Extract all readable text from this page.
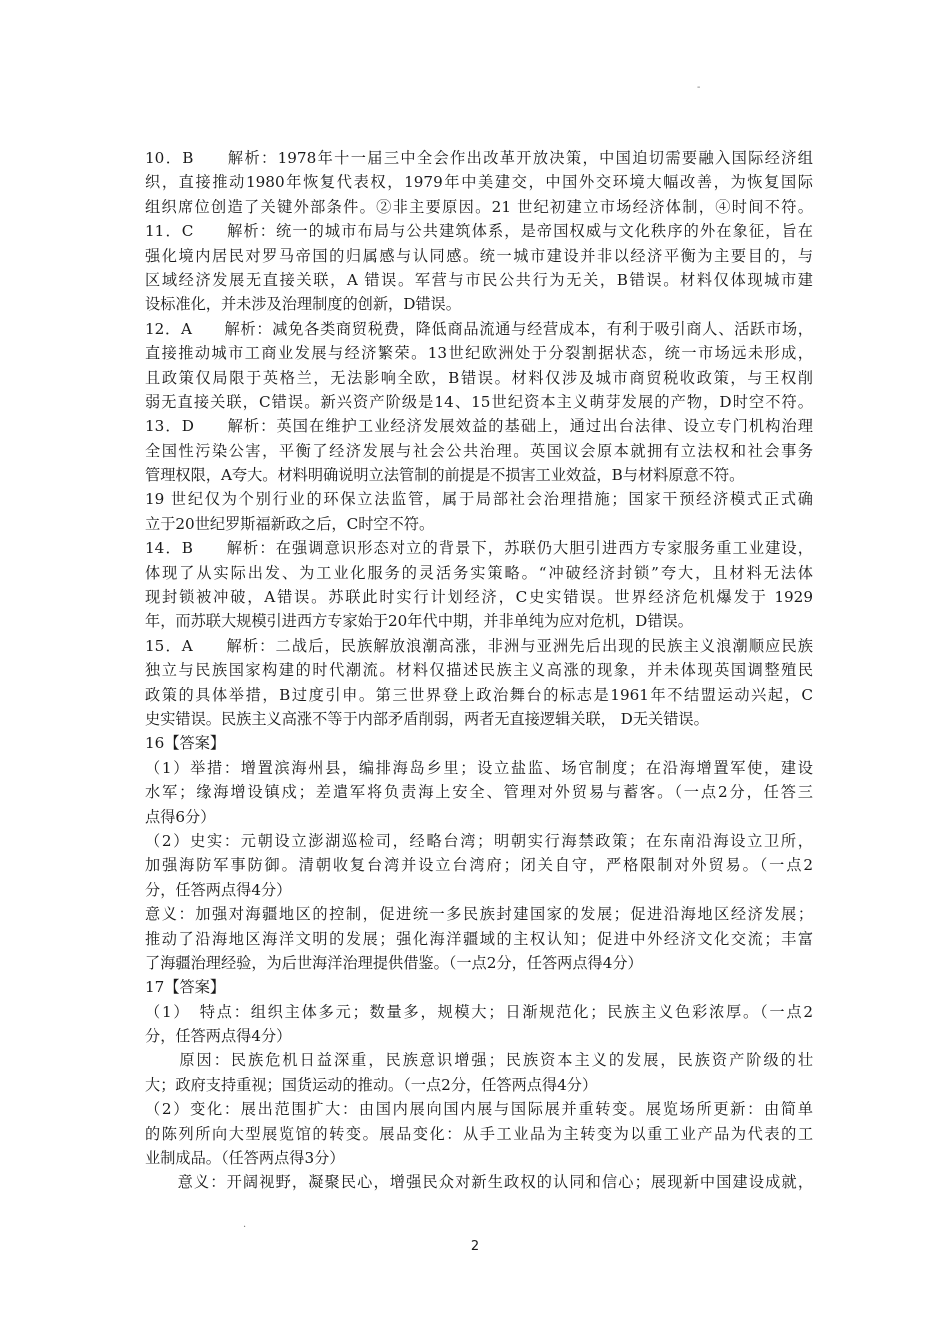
-
10．B　　解析：1978年十一届三中全会作出改革开放决策，中国迫切需要融入国际经济组
织，直接推动1980年恢复代表权，1979年中美建交，中国外交环境大幅改善，为恢复国际
组织席位创造了关键外部条件。②非主要原因。21 世纪初建立市场经济体制，④时间不符。
11．C　　解析：统一的城市布局与公共建筑体系，是帝国权威与文化秩序的外在象征，旨在
强化境内居民对罗马帝国的归属感与认同感。统一城市建设并非以经济平衡为主要目的，与
区域经济发展无直接关联，A 错误。军营与市民公共行为无关，B错误。材料仅体现城市建
设标准化，并未涉及治理制度的创新，D错误。
12．A　　解析：减免各类商贸税费，降低商品流通与经营成本，有利于吸引商人、活跃市场，
直接推动城市工商业发展与经济繁荣。13世纪欧洲处于分裂割据状态，统一市场远未形成，
且政策仅局限于英格兰，无法影响全欧，B错误。材料仅涉及城市商贸税收政策，与王权削
弱无直接关联，C错误。新兴资产阶级是14、15世纪资本主义萌芽发展的产物，D时空不符。
13．D　　解析：英国在维护工业经济发展效益的基础上，通过出台法律、设立专门机构治理
全国性污染公害，平衡了经济发展与社会公共治理。英国议会原本就拥有立法权和社会事务
管理权限，A夸大。材料明确说明立法管制的前提是不损害工业效益，B与材料原意不符。
19 世纪仅为个别行业的环保立法监管，属于局部社会治理措施；国家干预经济模式正式确
立于20世纪罗斯福新政之后，C时空不符。
14．B　　解析：在强调意识形态对立的背景下，苏联仍大胆引进西方专家服务重工业建设，
体现了从实际出发、为工业化服务的灵活务实策略。“冲破经济封锁”夸大，且材料无法体
现封锁被冲破，A错误。苏联此时实行计划经济，C史实错误。世界经济危机爆发于 1929
年，而苏联大规模引进西方专家始于20年代中期，并非单纯为应对危机，D错误。
15．A　　解析：二战后，民族解放浪潮高涨，非洲与亚洲先后出现的民族主义浪潮顺应民族
独立与民族国家构建的时代潮流。材料仅描述民族主义高涨的现象，并未体现英国调整殖民
政策的具体举措，B过度引申。第三世界登上政治舞台的标志是1961年不结盟运动兴起，C
史实错误。民族主义高涨不等于内部矛盾削弱，两者无直接逻辑关联， D无关错误。
16【答案】
（1）举措：增置滨海州县，编排海岛乡里；设立盐监、场官制度；在沿海增置军使，建设
水军；缘海增设镇戍；差遣军将负责海上安全、管理对外贸易与蓄客。（一点2分，任答三
点得6分）
（2）史实：元朝设立澎湖巡检司，经略台湾；明朝实行海禁政策；在东南沿海设立卫所，
加强海防军事防御。清朝收复台湾并设立台湾府；闭关自守，严格限制对外贸易。（一点2
分，任答两点得4分）
意义：加强对海疆地区的控制，促进统一多民族封建国家的发展；促进沿海地区经济发展；
推动了沿海地区海洋文明的发展；强化海洋疆域的主权认知；促进中外经济文化交流；丰富
了海疆治理经验，为后世海洋治理提供借鉴。（一点2分，任答两点得4分）
17【答案】
（1）　特点：组织主体多元；数量多，规模大；日渐规范化；民族主义色彩浓厚。（一点2
分，任答两点得4分）
　　原因：民族危机日益深重，民族意识增强；民族资本主义的发展，民族资产阶级的壮
大；政府支持重视；国货运动的推动。（一点2分，任答两点得4分）
（2）变化：展出范围扩大：由国内展向国内展与国际展并重转变。展览场所更新：由简单
的陈列所向大型展览馆的转变。展品变化：从手工业品为主转变为以重工业产品为代表的工
业制成品。（任答两点得3分）
　　意义：开阔视野，凝聚民心，增强民众对新生政权的认同和信心；展现新中国建设成就，
·
2
